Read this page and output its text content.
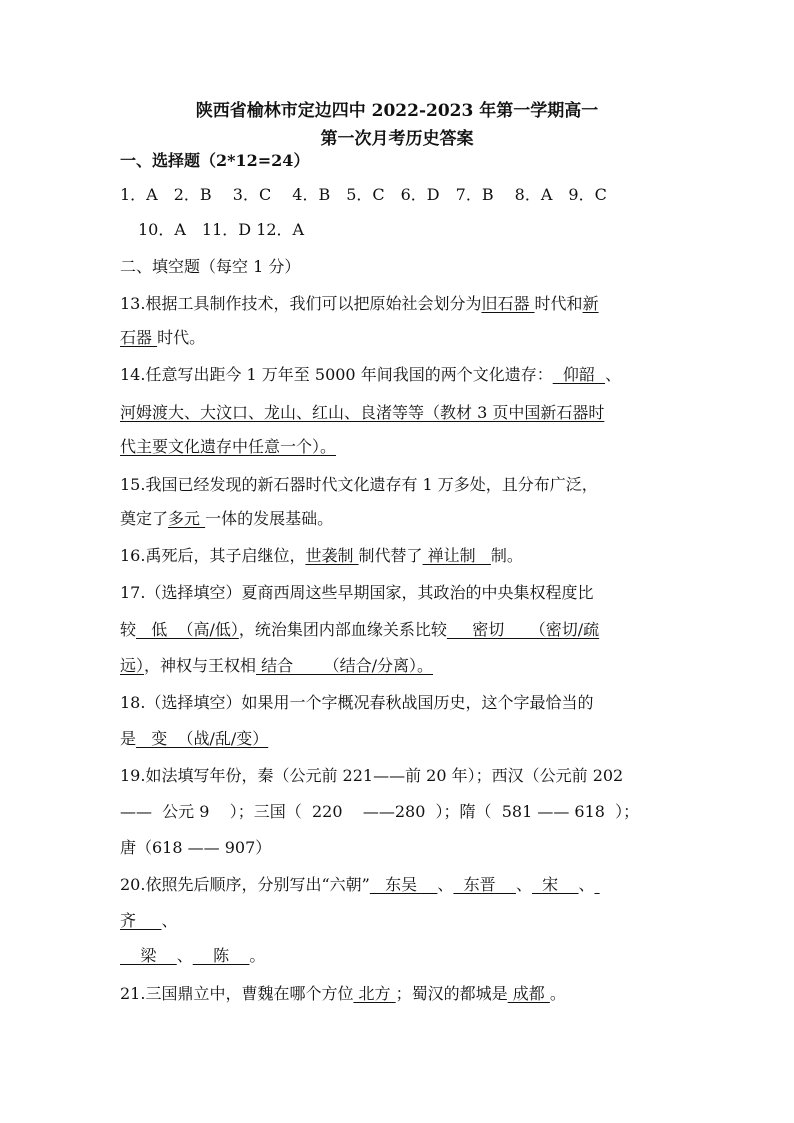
陕西省榆林市定边四中 2022-2023 年第一学期高一
第一次月考历史答案
一、选择题（2*12=24）
1．A　2．B　 3．C　 4．B　5．C　6．D　7．B　 8．A　9．C
10．A　11．D 12．A
二、填空题（每空 1 分）
13.根据工具制作技术，我们可以把原始社会划分为旧石器 时代和新
石器 时代。
14.任意写出距今 1 万年至 5000 年间我国的两个文化遗存：  仰韶  、
河姆渡大、大汶口、龙山、红山、良渚等等（教材 3 页中国新石器时
代主要文化遗存中任意一个）。
15.我国已经发现的新石器时代文化遗存有 1 万多处，且分布广泛，
奠定了多元 一体的发展基础。
16.禹死后，其子启继位，世袭制 制代替了 禅让制   制。
17.（选择填空）夏商西周这些早期国家，其政治的中央集权程度比
较   低  （高/低），统治集团内部血缘关系比较     密切     （密切/疏
远），神权与王权相 结合      （结合/分离）。
18.（选择填空）如果用一个字概况春秋战国历史，这个字最恰当的
是   变  （战/乱/变）
19.如法填写年份，秦（公元前 221——前 20 年）；西汉（公元前 202
——  公元 9    ）；三国（  220    ——280  ）；隋（  581 —— 618  ）；
唐（618 —— 907）
20.依照先后顺序，分别写出“六朝”   东吴    、  东晋    、  宋    、
齐     、
梁    、    陈    。
21.三国鼎立中，曹魏在哪个方位 北方 ；蜀汉的都城是 成都 。
